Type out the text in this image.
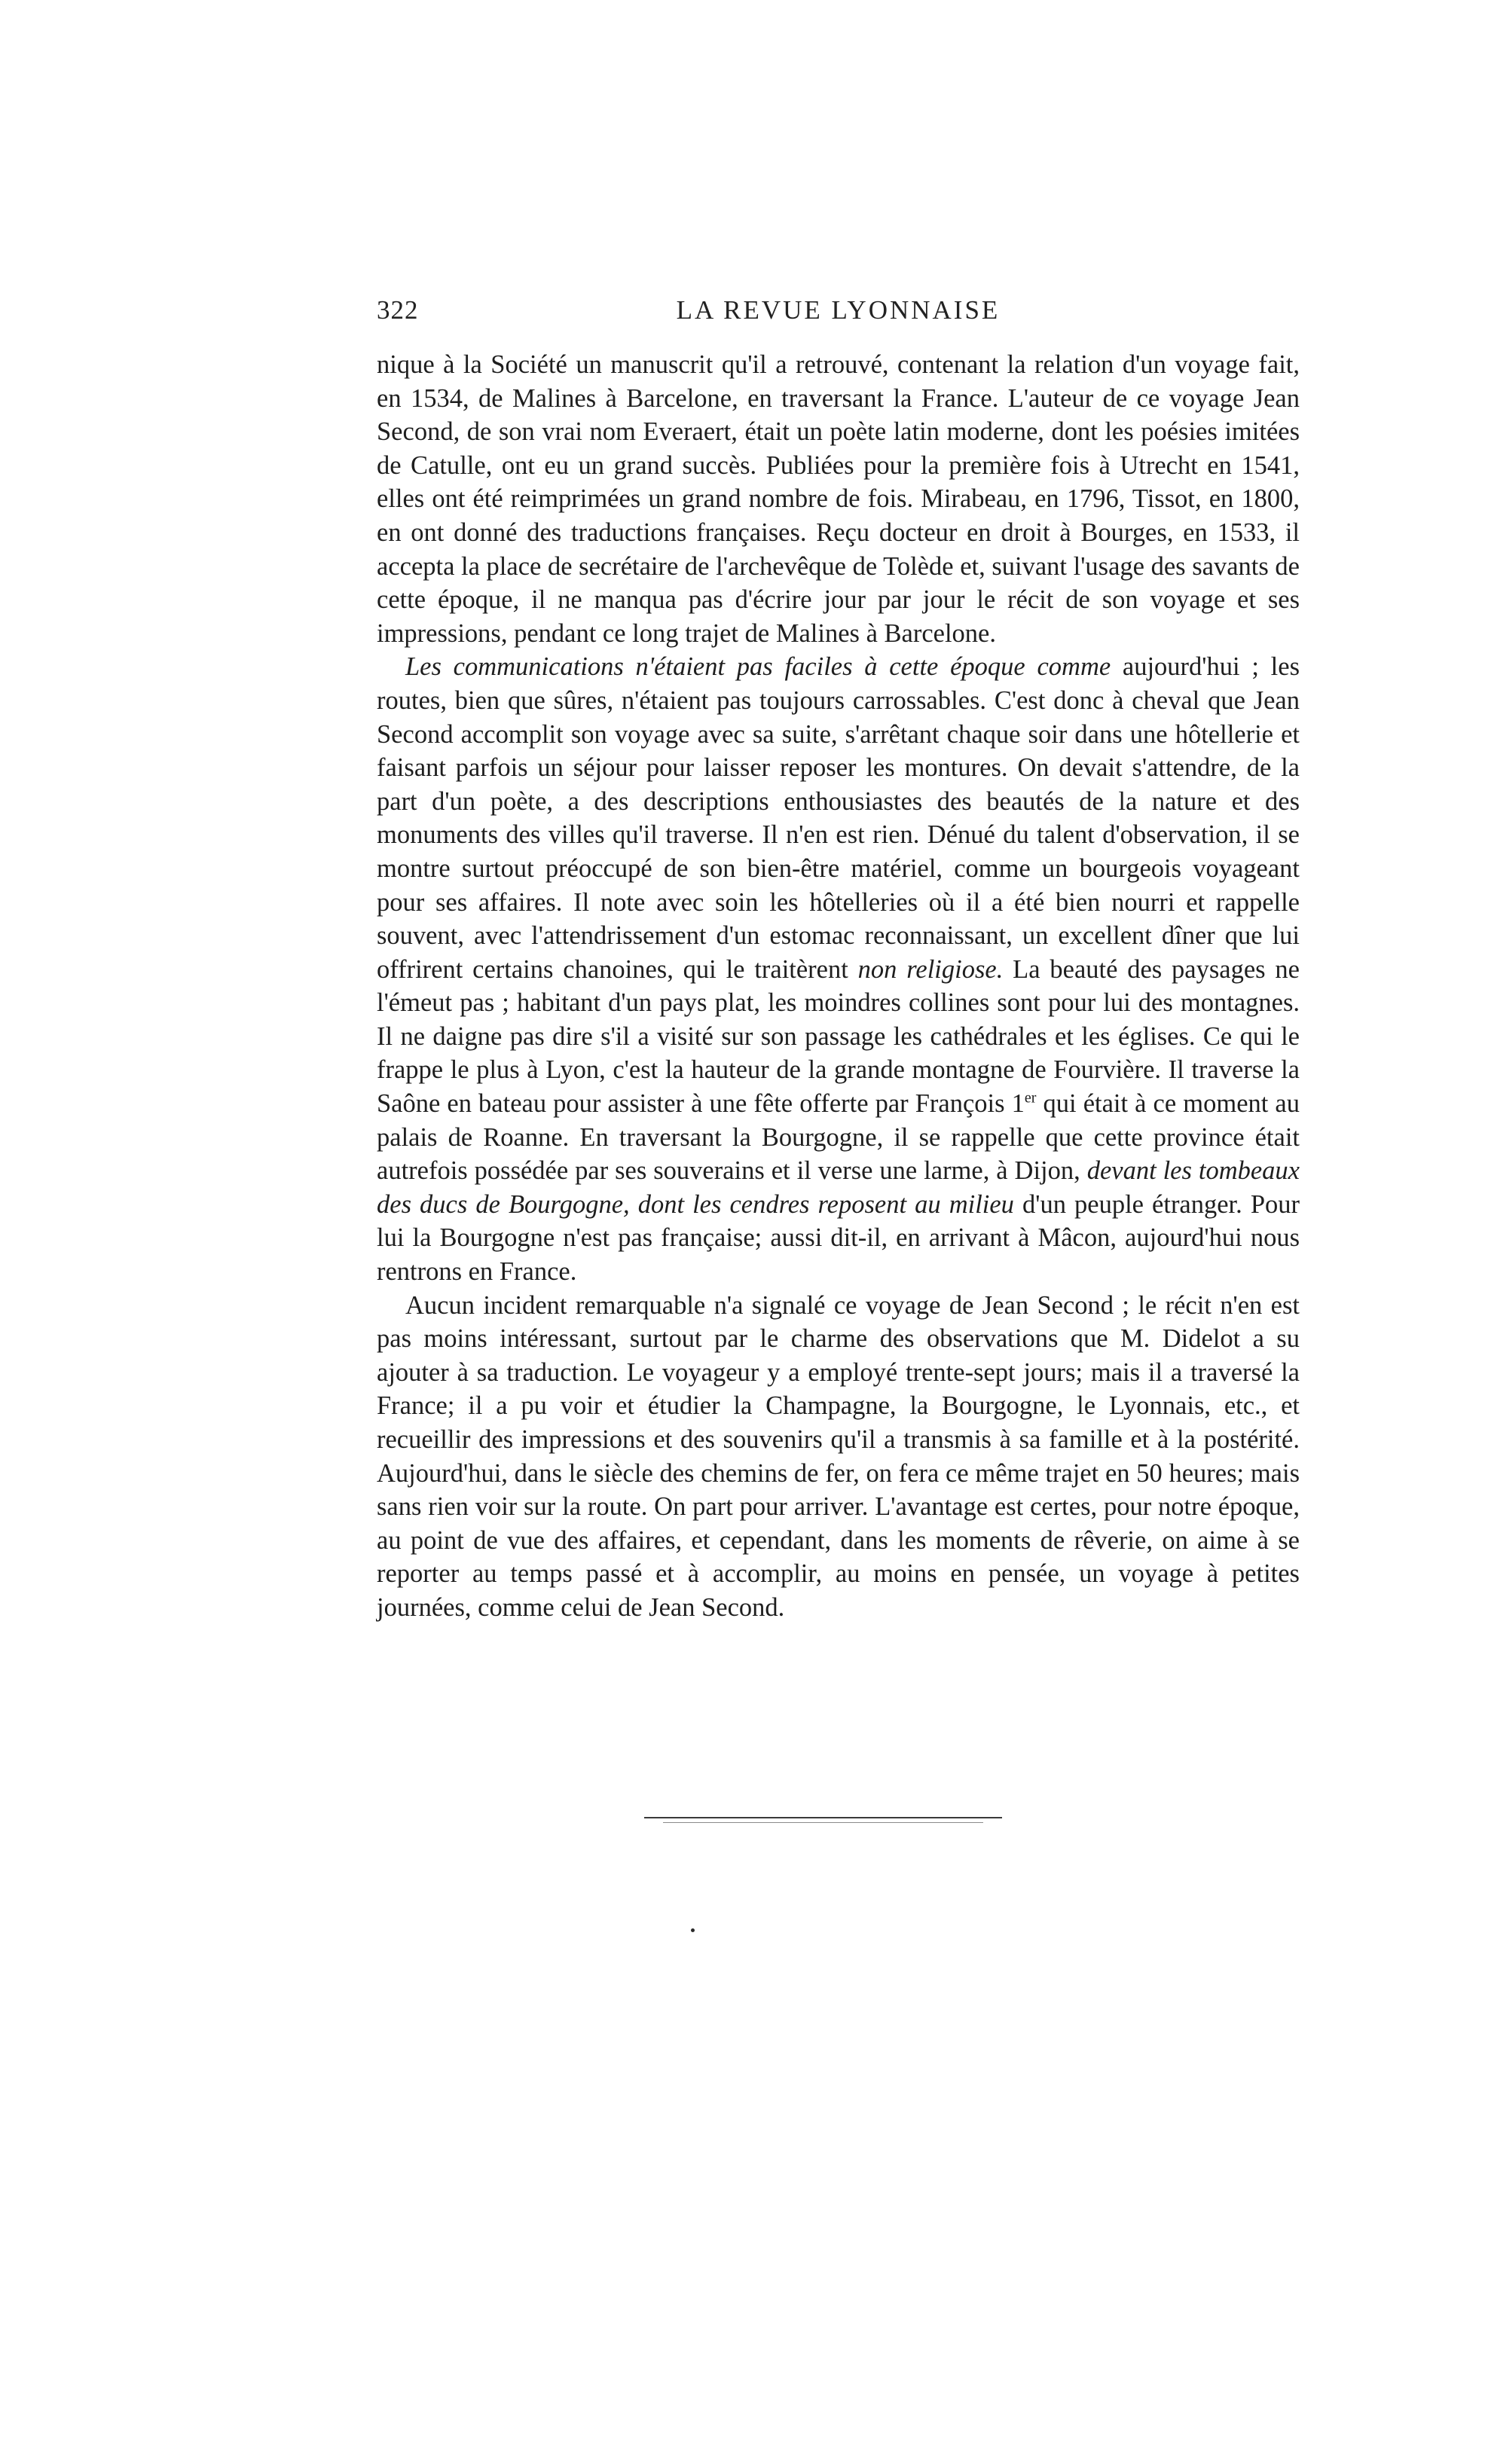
322	LA REVUE LYONNAISE

nique à la Société un manuscrit qu'il a retrouvé, contenant la relation d'un voyage fait, en 1534, de Malines à Barcelone, en traversant la France. L'auteur de ce voyage Jean Second, de son vrai nom Everaert, était un poète latin moderne, dont les poésies imitées de Catulle, ont eu un grand succès. Publiées pour la première fois à Utrecht en 1541, elles ont été reimprimées un grand nombre de fois. Mirabeau, en 1796, Tissot, en 1800, en ont donné des traductions françaises. Reçu docteur en droit à Bourges, en 1533, il accepta la place de secrétaire de l'archevêque de Tolède et, suivant l'usage des savants de cette époque, il ne manqua pas d'écrire jour par jour le récit de son voyage et ses impressions, pendant ce long trajet de Malines à Barcelone.

Les communications n'étaient pas faciles à cette époque comme aujourd'hui ; les routes, bien que sûres, n'étaient pas toujours carrossables. C'est donc à cheval que Jean Second accomplit son voyage avec sa suite, s'arrêtant chaque soir dans une hôtellerie et faisant parfois un séjour pour laisser reposer les montures. On devait s'attendre, de la part d'un poète, a des descriptions enthousiastes des beautés de la nature et des monuments des villes qu'il traverse. Il n'en est rien. Dénué du talent d'observation, il se montre surtout préoccupé de son bien-être matériel, comme un bourgeois voyageant pour ses affaires. Il note avec soin les hôtelleries où il a été bien nourri et rappelle souvent, avec l'attendrissement d'un estomac reconnaissant, un excellent dîner que lui offrirent certains chanoines, qui le traitèrent non religiose. La beauté des paysages ne l'émeut pas ; habitant d'un pays plat, les moindres collines sont pour lui des montagnes. Il ne daigne pas dire s'il a visité sur son passage les cathédrales et les églises. Ce qui le frappe le plus à Lyon, c'est la hauteur de la grande montagne de Fourvière. Il traverse la Saône en bateau pour assister à une fête offerte par François 1er qui était à ce moment au palais de Roanne. En traversant la Bourgogne, il se rappelle que cette province était autrefois possédée par ses souverains et il verse une larme, à Dijon, devant les tombeaux des ducs de Bourgogne, dont les cendres reposent au milieu d'un peuple étranger. Pour lui la Bourgogne n'est pas française; aussi dit-il, en arrivant à Mâcon, aujourd'hui nous rentrons en France.

Aucun incident remarquable n'a signalé ce voyage de Jean Second ; le récit n'en est pas moins intéressant, surtout par le charme des observations que M. Didelot a su ajouter à sa traduction. Le voyageur y a employé trente-sept jours; mais il a traversé la France; il a pu voir et étudier la Champagne, la Bourgogne, le Lyonnais, etc., et recueillir des impressions et des souvenirs qu'il a transmis à sa famille et à la postérité. Aujourd'hui, dans le siècle des chemins de fer, on fera ce même trajet en 50 heures; mais sans rien voir sur la route. On part pour arriver. L'avantage est certes, pour notre époque, au point de vue des affaires, et cependant, dans les moments de rêverie, on aime à se reporter au temps passé et à accomplir, au moins en pensée, un voyage à petites journées, comme celui de Jean Second.
